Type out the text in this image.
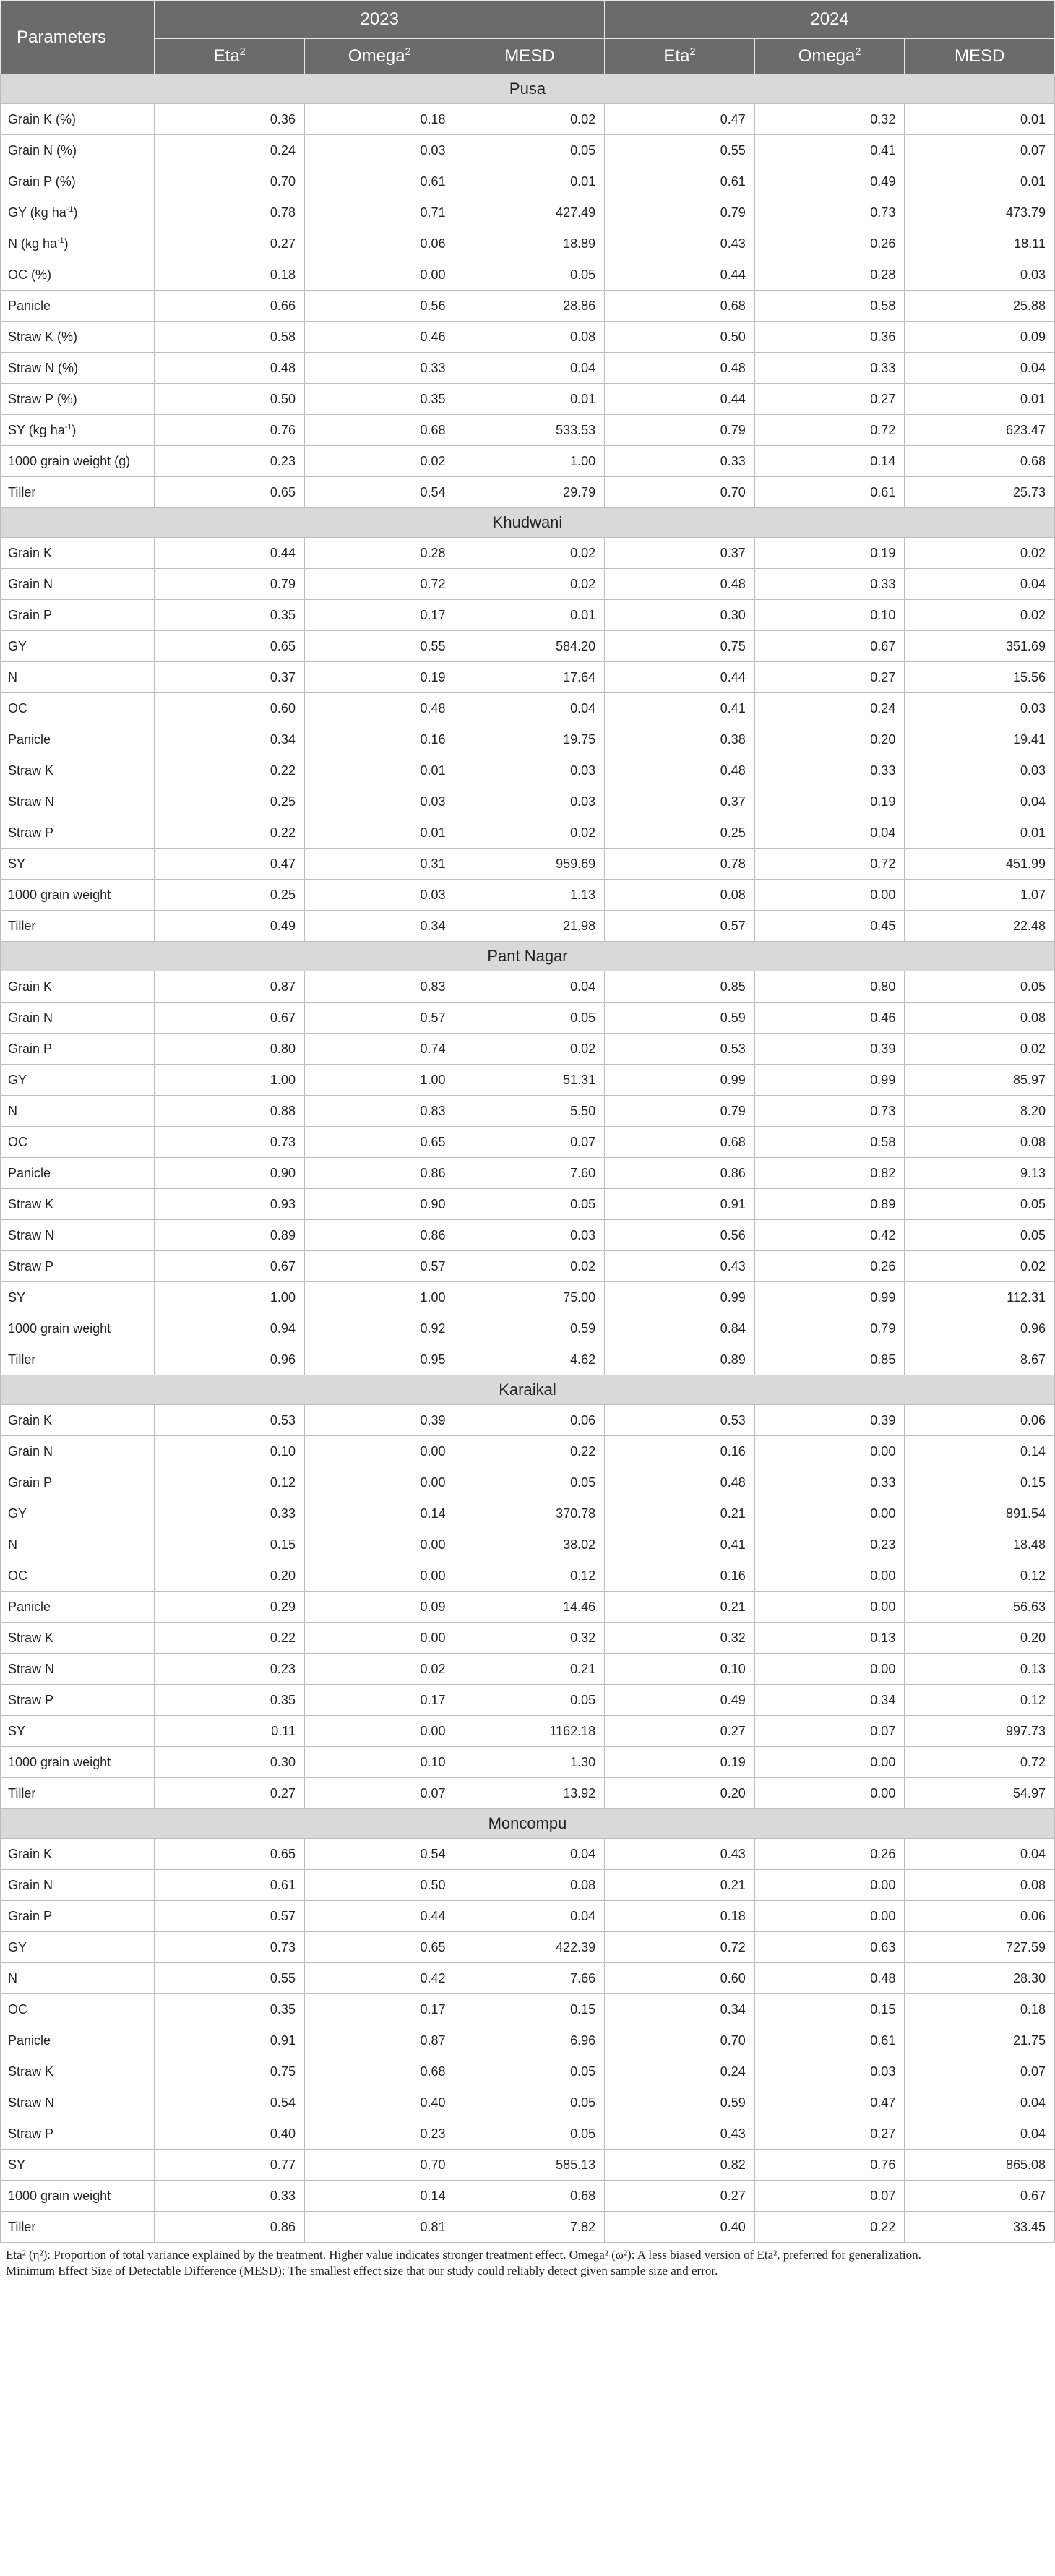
Parameters	2023			2024		
	Eta$^2$	Omega$^2$	MESD	Eta$^2$	Omega$^2$	MESD
Pusa						
Grain K (%)	0.36	0.18	0.02	0.47	0.32	0.01
Grain N (%)	0.24	0.03	0.05	0.55	0.41	0.07
Grain P (%)	0.70	0.61	0.01	0.61	0.49	0.01
GY (kg $ha^{-1}$)	0.78	0.71	427.49	0.79	0.73	473.79
N (kg $ha^{-1}$)	0.27	0.06	18.89	0.43	0.26	18.11
OC (%)	0.18	0.00	0.05	0.44	0.28	0.03
Panicle	0.66	0.56	28.86	0.68	0.58	25.88
Straw K (%)	0.58	0.46	0.08	0.50	0.36	0.09
Straw N (%)	0.48	0.33	0.04	0.48	0.33	0.04
Straw P (%)	0.50	0.35	0.01	0.44	0.27	0.01
SY (kg $ha^{-1}$)	0.76	0.68	533.53	0.79	0.72	623.47
1000 grain weight (g)	0.23	0.02	1.00	0.33	0.14	0.68
Tiller	0.65	0.54	29.79	0.70	0.61	25.73
Khudwani						
Grain K	0.44	0.28	0.02	0.37	0.19	0.02
Grain N	0.79	0.72	0.02	0.48	0.33	0.04
Grain P	0.35	0.17	0.01	0.30	0.10	0.02
GY	0.65	0.55	584.20	0.75	0.67	351.69
N	0.37	0.19	17.64	0.44	0.27	15.56
OC	0.60	0.48	0.04	0.41	0.24	0.03
Panicle	0.34	0.16	19.75	0.38	0.20	19.41
Straw K	0.22	0.01	0.03	0.48	0.33	0.03
Straw N	0.25	0.03	0.03	0.37	0.19	0.04
Straw P	0.22	0.01	0.02	0.25	0.04	0.01
SY	0.47	0.31	959.69	0.78	0.72	451.99
1000 grain weight	0.25	0.03	1.13	0.08	0.00	1.07
Tiller	0.49	0.34	21.98	0.57	0.45	22.48
Pant Nagar						
Grain K	0.87	0.83	0.04	0.85	0.80	0.05
Grain N	0.67	0.57	0.05	0.59	0.46	0.08
Grain P	0.80	0.74	0.02	0.53	0.39	0.02
GY	1.00	1.00	51.31	0.99	0.99	85.97
N	0.88	0.83	5.50	0.79	0.73	8.20
OC	0.73	0.65	0.07	0.68	0.58	0.08
Panicle	0.90	0.86	7.60	0.86	0.82	9.13
Straw K	0.93	0.90	0.05	0.91	0.89	0.05
Straw N	0.89	0.86	0.03	0.56	0.42	0.05
Straw P	0.67	0.57	0.02	0.43	0.26	0.02
SY	1.00	1.00	75.00	0.99	0.99	112.31
1000 grain weight	0.94	0.92	0.59	0.84	0.79	0.96
Tiller	0.96	0.95	4.62	0.89	0.85	8.67
Karaikal						
Grain K	0.53	0.39	0.06	0.53	0.39	0.06
Grain N	0.10	0.00	0.22	0.16	0.00	0.14
Grain P	0.12	0.00	0.05	0.48	0.33	0.15
GY	0.33	0.14	370.78	0.21	0.00	891.54
N	0.15	0.00	38.02	0.41	0.23	18.48
OC	0.20	0.00	0.12	0.16	0.00	0.12
Panicle	0.29	0.09	14.46	0.21	0.00	56.63
Straw K	0.22	0.00	0.32	0.32	0.13	0.20
Straw N	0.23	0.02	0.21	0.10	0.00	0.13
Straw P	0.35	0.17	0.05	0.49	0.34	0.12
SY	0.11	0.00	1162.18	0.27	0.07	997.73
1000 grain weight	0.30	0.10	1.30	0.19	0.00	0.72
Tiller	0.27	0.07	13.92	0.20	0.00	54.97
Moncompu						
Grain K	0.65	0.54	0.04	0.43	0.26	0.04
Grain N	0.61	0.50	0.08	0.21	0.00	0.08
Grain P	0.57	0.44	0.04	0.18	0.00	0.06
GY	0.73	0.65	422.39	0.72	0.63	727.59
N	0.55	0.42	7.66	0.60	0.48	28.30
OC	0.35	0.17	0.15	0.34	0.15	0.18
Panicle	0.91	0.87	6.96	0.70	0.61	21.75
Straw K	0.75	0.68	0.05	0.24	0.03	0.07
Straw N	0.54	0.40	0.05	0.59	0.47	0.04
Straw P	0.40	0.23	0.05	0.43	0.27	0.04
SY	0.77	0.70	585.13	0.82	0.76	865.08
1000 grain weight	0.33	0.14	0.68	0.27	0.07	0.67
Tiller	0.86	0.81	7.82	0.40	0.22	33.45

Eta² (η²): Proportion of total variance explained by the treatment. Higher value indicates stronger treatment effect. Omega² (ω²): A less biased version of Eta², preferred for generalization.

Minimum Effect Size of Detectable Difference (MESD): The smallest effect size that our study could reliably detect given sample size and error.
